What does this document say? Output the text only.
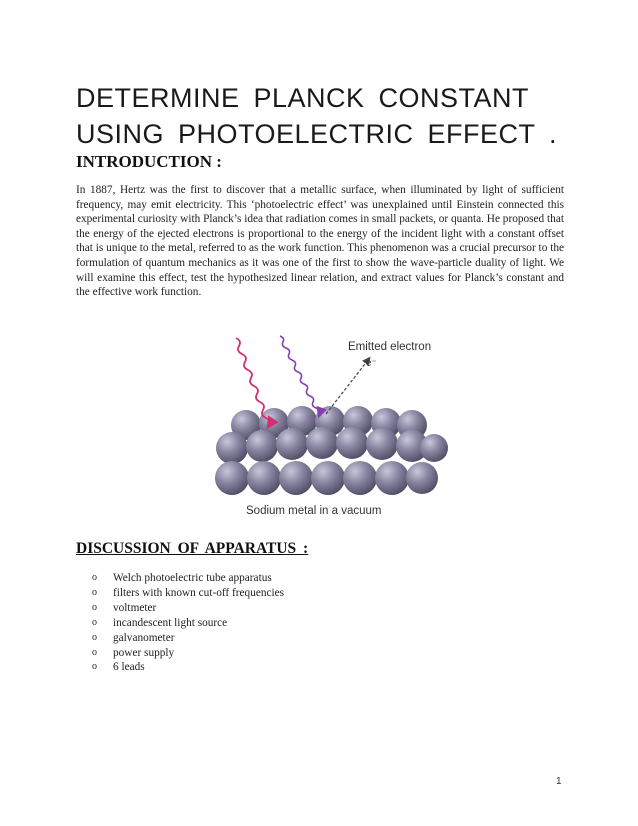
DETERMINE PLANCK CONSTANT
USING PHOTOELECTRIC EFFECT .
INTRODUCTION :

In 1887, Hertz was the first to discover that a metallic surface, when illuminated by light of sufficient frequency, may emit electricity. This ‘photoelectric effect’ was unexplained until Einstein connected this experimental curiosity with Planck’s idea that radiation comes in small packets, or quanta. He proposed that the energy of the ejected electrons is proportional to the energy of the incident light with a constant offset that is unique to the metal, referred to as the work function. This phenomenon was a crucial precursor to the formulation of quantum mechanics as it was one of the first to show the wave-particle duality of light. We will examine this effect, test the hypothesized linear relation, and extract values for Planck’s constant and the effective work function.

Emitted electron
e⁻
Sodium metal in a vacuum
DISCUSSION OF APPARATUS :
o	Welch photoelectric tube apparatus
o	filters with known cut-off frequencies
o	voltmeter
o	incandescent light source
o	galvanometer
o	power supply
o	6 leads
1
